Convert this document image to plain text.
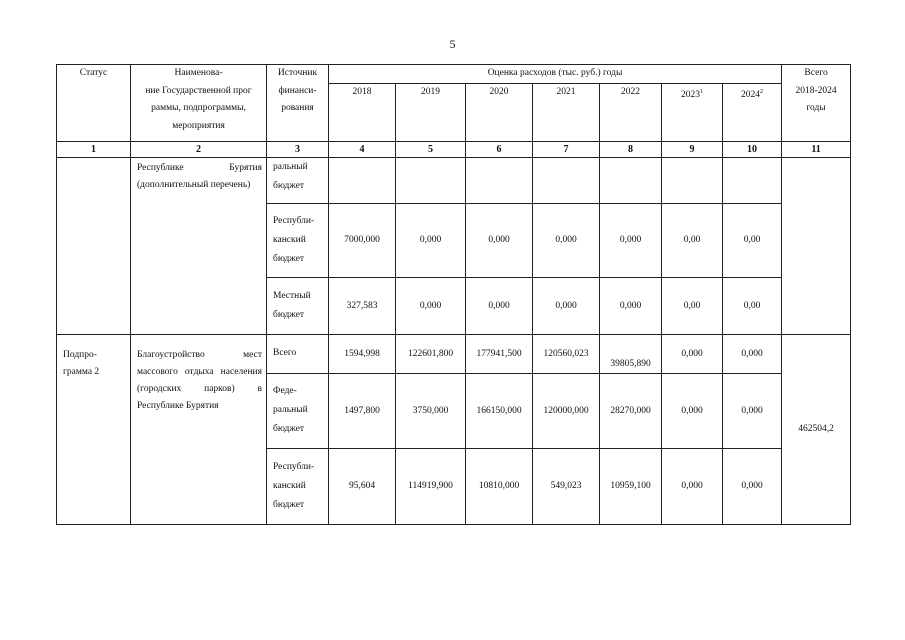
5
Статус	Наименова-
ние Государственной прог
раммы, подпрограммы,
мероприятия	Источник
финанси-
рования	Оценка расходов (тыс. руб.) годы							Всего
2018-2024
годы
			2018	2019	2020	2021	2022	2023$^1$	2024$^2$
1	2	3	4	5	6	7	8	9	10	11
	Республике Бурятия (дополнительный перечень)	ральный
бюджет								
		Республи-
канский
бюджет	7000,000	0,000	0,000	0,000	0,000	0,00	0,00	
		Местный
бюджет	327,583	0,000	0,000	0,000	0,000	0,00	0,00	
Подпро-
грамма 2	Благоустройство мест массового отдыха населения (городских парков) в Республике Бурятия	Всего	1594,998	122601,800	177941,500	120560,023	39805,890	0,000	0,000	462504,2
		Феде-
ральный
бюджет	1497,800	3750,000	166150,000	120000,000	28270,000	0,000	0,000	
		Республи-
канский
бюджет	95,604	114919,900	10810,000	549,023	10959,100	0,000	0,000	
